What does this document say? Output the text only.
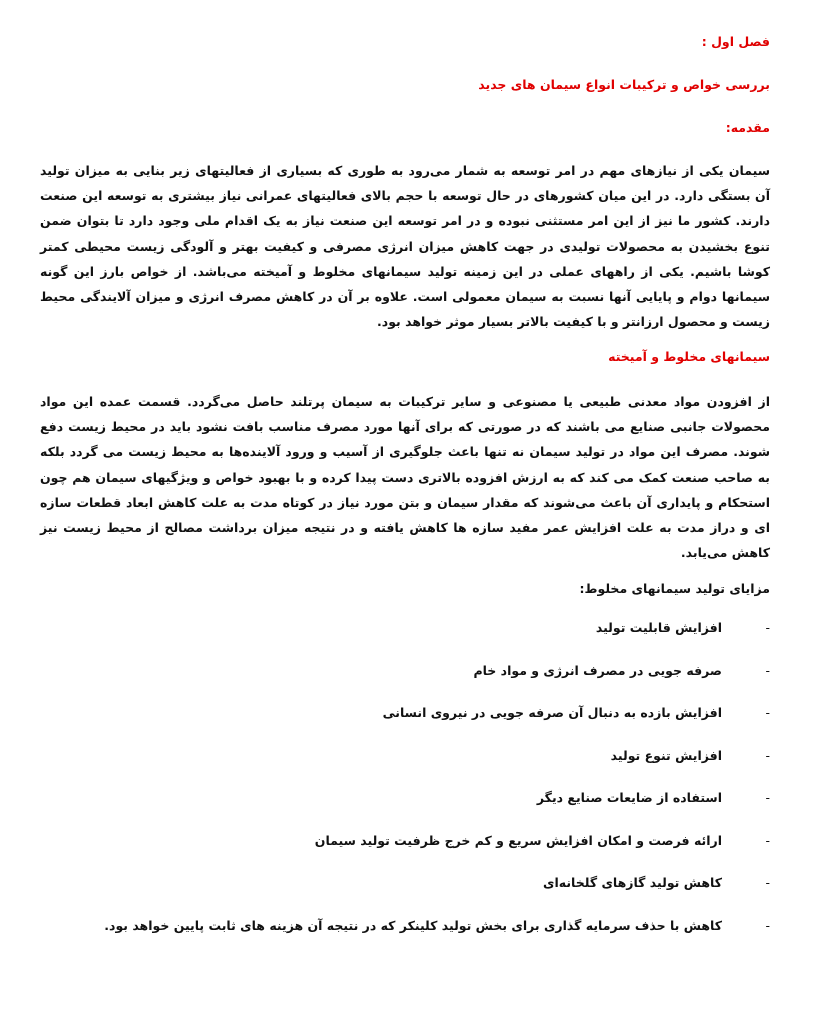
فصل اول :
بررسی خواص و ترکیبات انواع سیمان های جدید
مقدمه:
سیمان یکی از نیازهای مهم در امر توسعه به شمار می‌رود به طوری که بسیاری از فعالیتهای زیر بنایی به میزان تولید آن بستگی دارد. در این میان کشورهای در حال توسعه با حجم بالای فعالیتهای عمرانی نیاز بیشتری به توسعه این صنعت دارند. کشور ما نیز از این امر مستثنی نبوده و در امر توسعه این صنعت نیاز به یک اقدام ملی وجود دارد تا بتوان ضمن تنوع بخشیدن به محصولات تولیدی در جهت کاهش میزان انرژی مصرفی و کیفیت بهتر و آلودگی زیست محیطی کمتر کوشا باشیم. یکی از راههای عملی در این زمینه تولید سیمانهای مخلوط و آمیخته می‌باشد. از خواص بارز این گونه سیمانها دوام و پایایی آنها نسبت به سیمان معمولی است. علاوه بر آن در کاهش مصرف انرژی و میزان آلایندگی محیط زیست و محصول ارزانتر و با کیفیت بالاتر بسیار موثر خواهد بود.
سیمانهای مخلوط و آمیخته
از افزودن مواد معدنی طبیعی یا مصنوعی و سایر ترکیبات به سیمان پرتلند حاصل می‌گردد. قسمت عمده این مواد محصولات جانبی صنایع می باشند که در صورتی که برای آنها مورد مصرف مناسب بافت نشود باید در محیط زیست دفع شوند. مصرف این مواد در تولید سیمان نه تنها باعث جلوگیری از آسیب و ورود آلاینده‌ها به محیط زیست می گردد بلکه به صاحب صنعت کمک می کند که به ارزش افزوده بالاتری دست پیدا کرده و با بهبود خواص و ویژگیهای سیمان هم چون استحکام و پایداری آن باعث می‌شوند که مقدار سیمان و بتن مورد نیاز در کوتاه مدت به علت کاهش ابعاد قطعات سازه ای و دراز مدت به علت افزایش عمر مفید سازه ها کاهش یافته و در نتیجه میزان برداشت مصالح از محیط زیست نیز کاهش می‌یابد.
مزایای تولید سیمانهای مخلوط:
-
افزایش قابلیت تولید
-
صرفه جویی در مصرف انرژی و مواد خام
-
افزایش بازده به دنبال آن صرفه جویی در نیروی انسانی
-
افزایش تنوع تولید
-
استفاده از ضایعات صنایع دیگر
-
ارائه فرصت و امکان افزایش سریع و کم خرج ظرفیت تولید سیمان
-
کاهش تولید گازهای گلخانه‌ای
-
کاهش با حذف سرمایه گذاری برای بخش تولید کلینکر که در نتیجه آن هزینه های ثابت پایین خواهد بود.
